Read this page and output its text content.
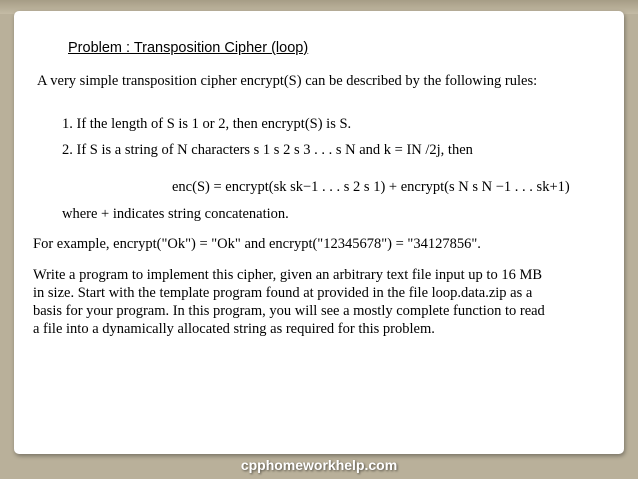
Problem : Transposition Cipher (loop)
A very simple transposition cipher encrypt(S) can be described by the following rules:
1. If the length of S is 1 or 2, then encrypt(S) is S.
2. If S is a string of N characters s 1 s 2 s 3 . . . s N and k = IN /2j, then
enc(S) = encrypt(sk sk−1 . . . s 2 s 1) + encrypt(s N s N −1 . . . sk+1)
where + indicates string concatenation.
For example, encrypt("Ok") = "Ok" and encrypt("12345678") = "34127856".
Write a program to implement this cipher, given an arbitrary text file input up to 16 MB
in size. Start with the template program found at provided in the file loop.data.zip as a
basis for your program. In this program, you will see a mostly complete function to read
a file into a dynamically allocated string as required for this problem.
cpphomeworkhelp.com
